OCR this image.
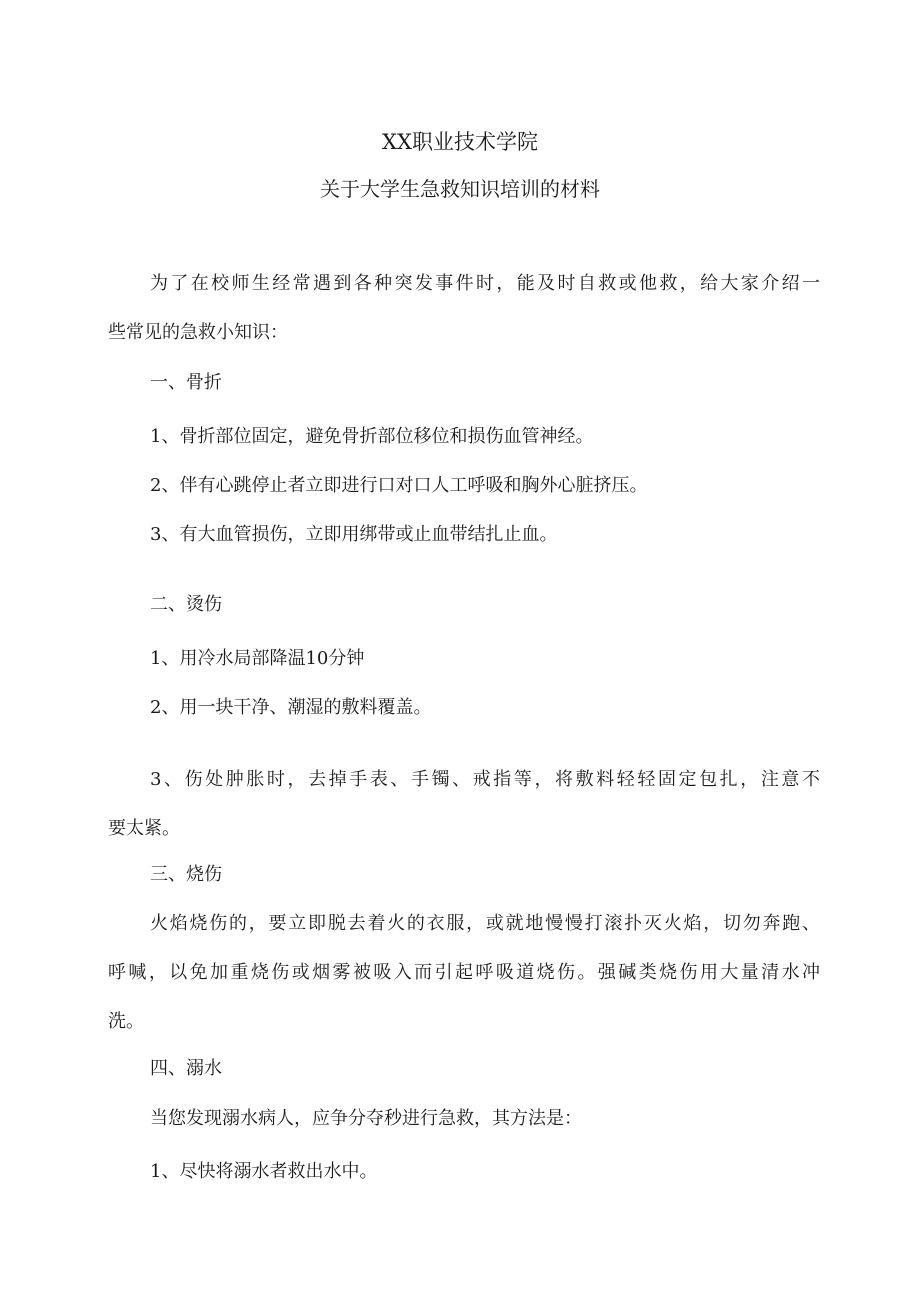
XX职业技术学院
关于大学生急救知识培训的材料
为了在校师生经常遇到各种突发事件时，能及时自救或他救，给大家介绍一
些常见的急救小知识：
一、骨折
1、骨折部位固定，避免骨折部位移位和损伤血管神经。
2、伴有心跳停止者立即进行口对口人工呼吸和胸外心脏挤压。
3、有大血管损伤，立即用绑带或止血带结扎止血。
二、烫伤
1、用冷水局部降温10分钟
2、用一块干净、潮湿的敷料覆盖。
3、伤处肿胀时，去掉手表、手镯、戒指等，将敷料轻轻固定包扎，注意不
要太紧。
三、烧伤
火焰烧伤的，要立即脱去着火的衣服，或就地慢慢打滚扑灭火焰，切勿奔跑、
呼喊，以免加重烧伤或烟雾被吸入而引起呼吸道烧伤。强碱类烧伤用大量清水冲
洗。
四、溺水
当您发现溺水病人，应争分夺秒进行急救，其方法是：
1、尽快将溺水者救出水中。
